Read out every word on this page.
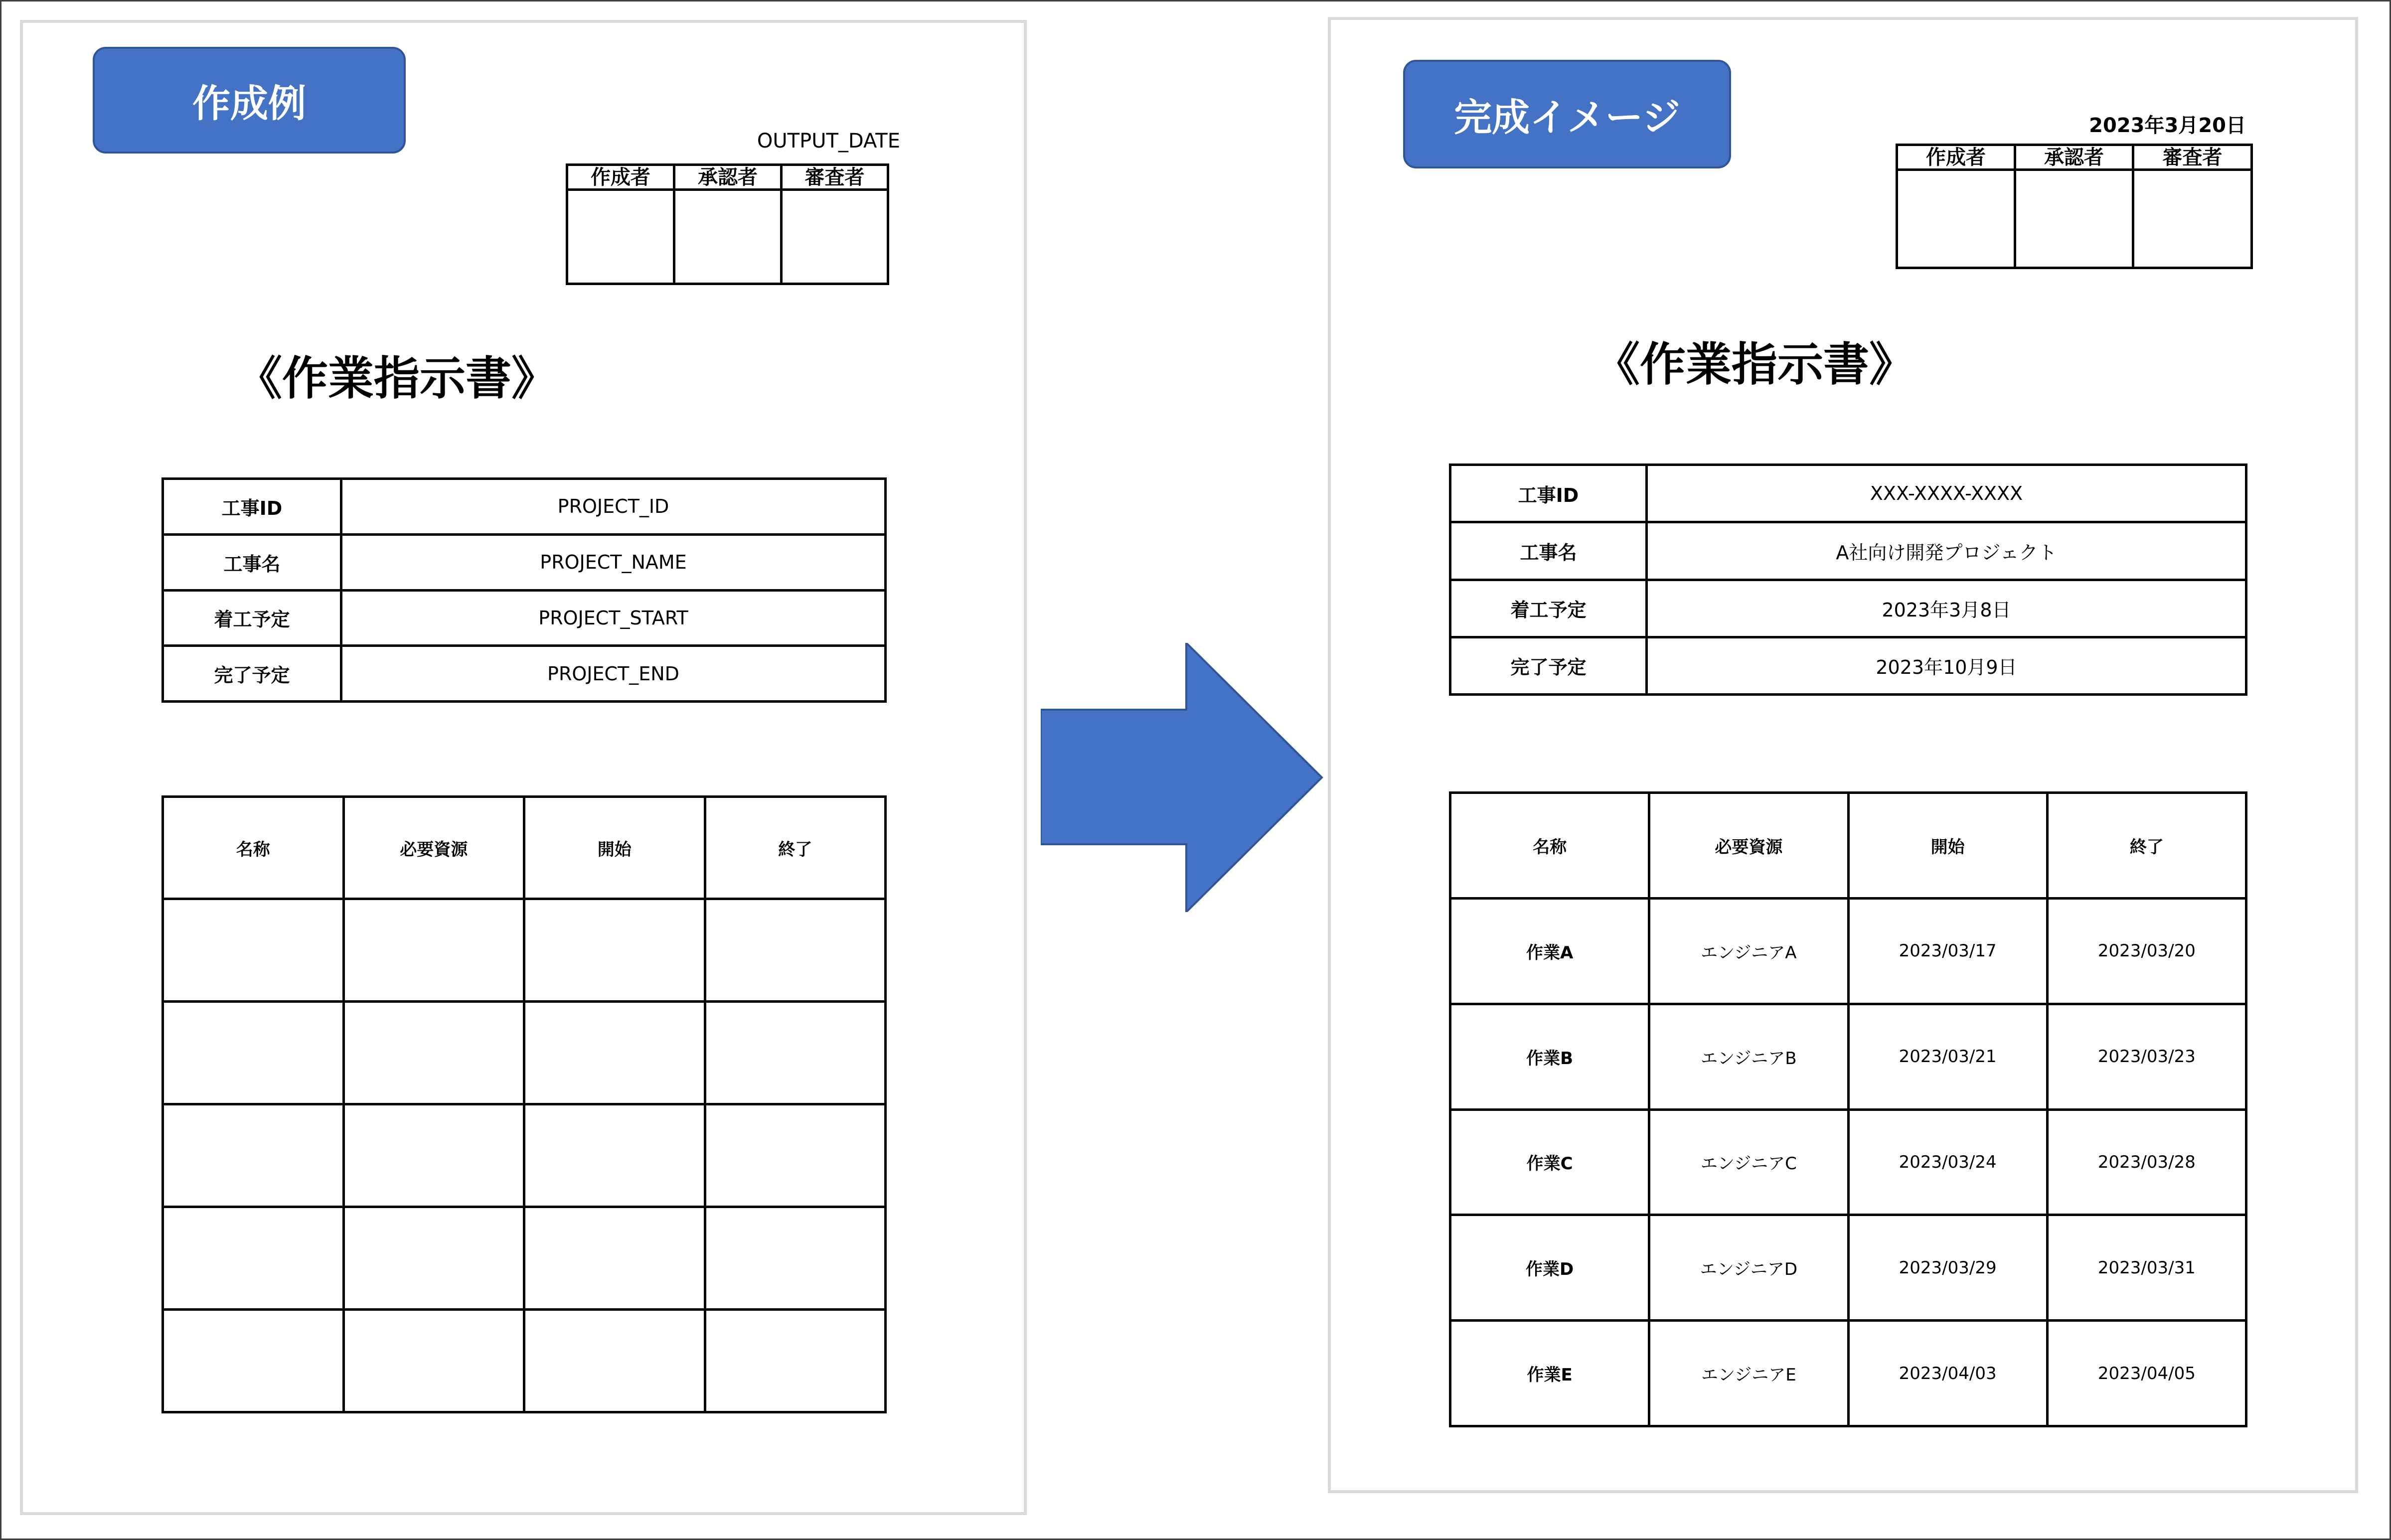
作成例
OUTPUT_DATE
作成者	承認者	審査者

《作業指示書》
工事ID	PROJECT_ID
工事名	PROJECT_NAME
着工予定	PROJECT_START
完了予定	PROJECT_END
名称	必要資源	開始	終了

完成イメージ	2023年3月20日
作成者	承認者	審査者

《作業指示書》
工事ID	XXX-XXXX-XXXX
工事名	A社向け開発プロジェクト
着工予定	2023年3月8日
完了予定	2023年10月9日
名称	必要資源	開始	終了
作業A	エンジニアA	2023/03/17	2023/03/20
作業B	エンジニアB	2023/03/21	2023/03/23
作業C	エンジニアC	2023/03/24	2023/03/28
作業D	エンジニアD	2023/03/29	2023/03/31
作業E	エンジニアE	2023/04/03	2023/04/05
